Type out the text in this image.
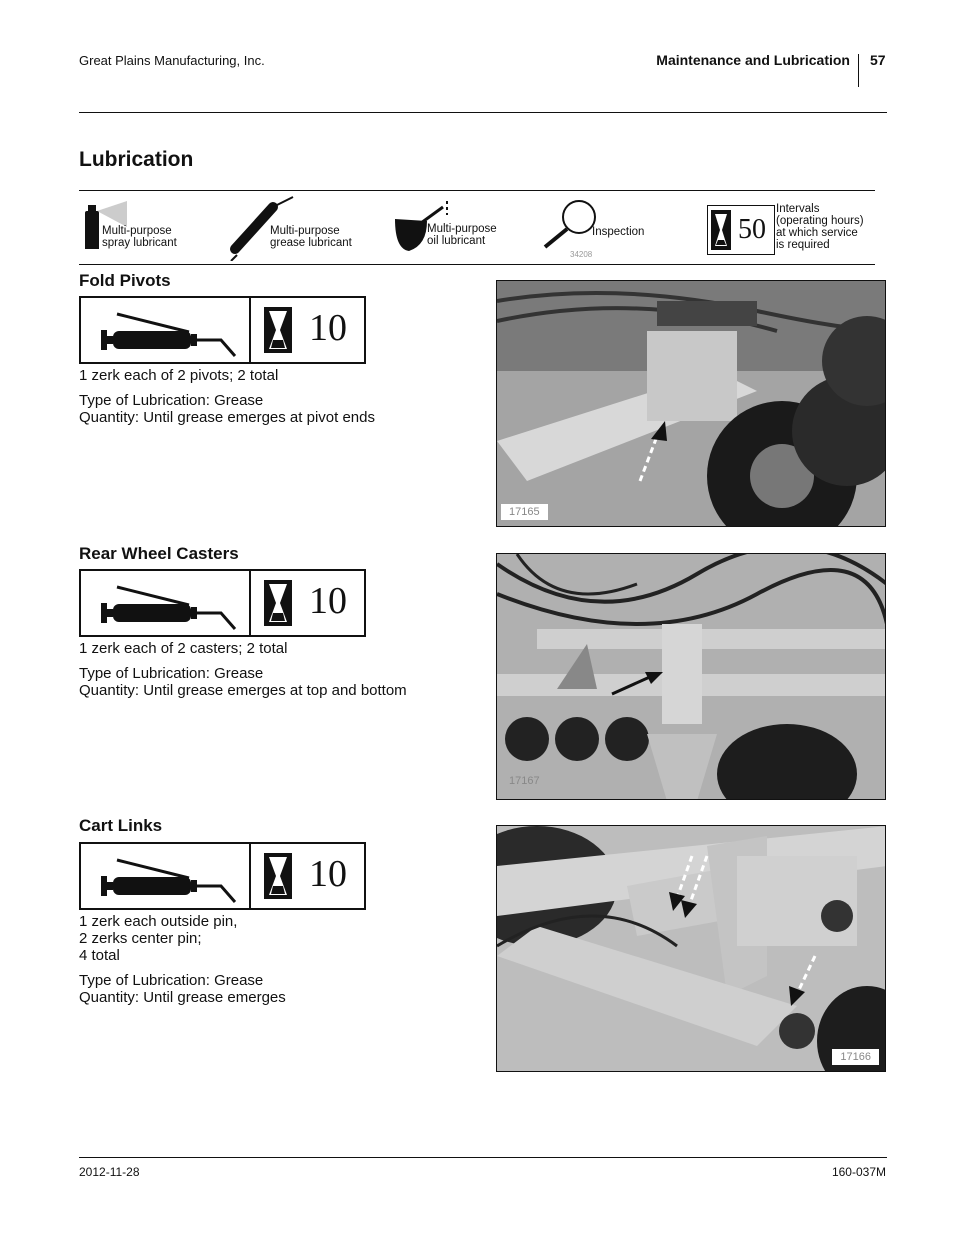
Great Plains Manufacturing, Inc.	Maintenance and Lubrication 57
Lubrication
Multi-purpose
spray lubricant
Multi-purpose
grease lubricant
Multi-purpose
oil lubricant
Inspection
34208
50
Intervals
(operating hours)
at which service
is required
Fold Pivots
10
1 zerk each of 2 pivots; 2 total
Type of Lubrication: Grease
Quantity: Until grease emerges at pivot ends
17165
Rear Wheel Casters
10
1 zerk each of 2 casters; 2 total
Type of Lubrication: Grease
Quantity: Until grease emerges at top and bottom
17167
Cart Links
10
1 zerk each outside pin,
2 zerks center pin;
4 total
Type of Lubrication: Grease
Quantity: Until grease emerges
17166
2012-11-28	160-037M
